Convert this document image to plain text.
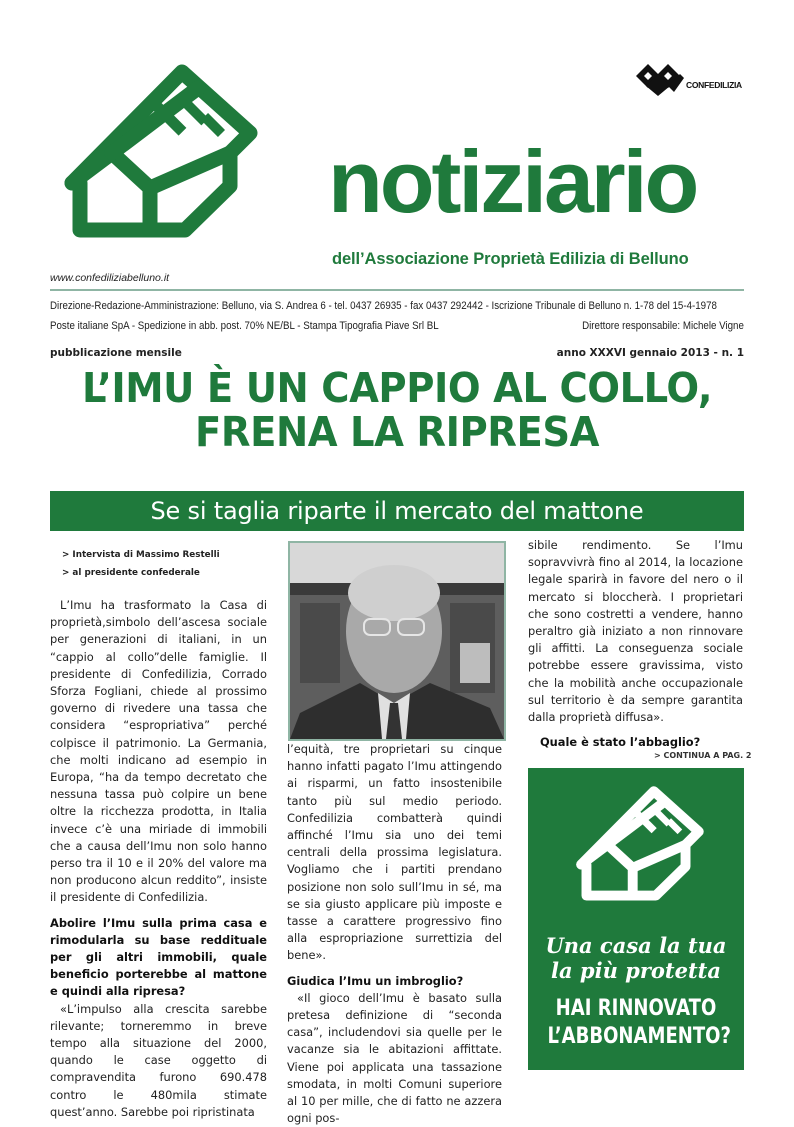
www.confediliziabelluno.it
CONFEDILIZIA
notiziario
dell’Associazione Proprietà Edilizia di Belluno
Direzione-Redazione-Amministrazione: Belluno, via S. Andrea 6 - tel. 0437 26935 - fax 0437 292442 - Iscrizione Tribunale di Belluno n. 1-78 del 15-4-1978
Poste italiane SpA - Spedizione in abb. post. 70% NE/BL - Stampa Tipografia Piave Srl BL	Direttore responsabile: Michele Vigne
pubblicazione mensile	anno XXXVI gennaio 2013 - n. 1
L’IMU È UN CAPPIO AL COLLO,
FRENA LA RIPRESA
Se si taglia riparte il mercato del mattone
> Intervista di Massimo Restelli
> al presidente confederale

L’Imu ha trasformato la Casa di proprietà,simbolo dell’ascesa sociale per generazioni di italiani, in un “cappio al collo”delle famiglie. Il presidente di Confedilizia, Corrado Sforza Fogliani, chiede al prossimo governo di rivedere una tassa che considera “espropriativa” perché colpisce il patrimonio. La Germania, che molti indicano ad esempio in Europa, “ha da tempo decretato che nessuna tassa può colpire un bene oltre la ricchezza prodotta, in Italia invece c’è una miriade di immobili che a causa dell’Imu non solo hanno perso tra il 10 e il 20% del valore ma non producono alcun reddito”, insiste il presidente di Confedilizia.

Abolire l’Imu sulla prima casa e rimodularla su base reddituale per gli altri immobili, quale beneficio porterebbe al mattone e quindi alla ripresa?

«L’impulso alla crescita sarebbe rilevante; torneremmo in breve tempo alla situazione del 2000, quando le case oggetto di compravendita furono 690.478 contro le 480mila stimate quest’anno. Sarebbe poi ripristinata

l’equità, tre proprietari su cinque hanno infatti pagato l’Imu attingendo ai risparmi, un fatto insostenibile tanto più sul medio periodo. Confedilizia combatterà quindi affinché l’Imu sia uno dei temi centrali della prossima legislatura. Vogliamo che i partiti prendano posizione non solo sull’Imu in sé, ma se sia giusto applicare più imposte e tasse a carattere progressivo fino alla espropriazione surrettizia del bene».

Giudica l’Imu un imbroglio?

«Il gioco dell’Imu è basato sulla pretesa definizione di “seconda casa”, includendovi sia quelle per le vacanze sia le abitazioni affittate. Viene poi applicata una tassazione smodata, in molti Comuni superiore al 10 per mille, che di fatto ne azzera ogni pos-

sibile rendimento. Se l’Imu sopravvivrà fino al 2014, la locazione legale sparirà in favore del nero o il mercato si bloccherà. I proprietari che sono costretti a vendere, hanno peraltro già iniziato a non rinnovare gli affitti. La conseguenza sociale potrebbe essere gravissima, visto che la mobilità anche occupazionale sul territorio è da sempre garantita dalla proprietà diffusa».

Quale è stato l’abbaglio?

> CONTINUA A PAG. 2
Una casa la tua
la più protetta
HAI RINNOVATO
L’ABBONAMENTO?
